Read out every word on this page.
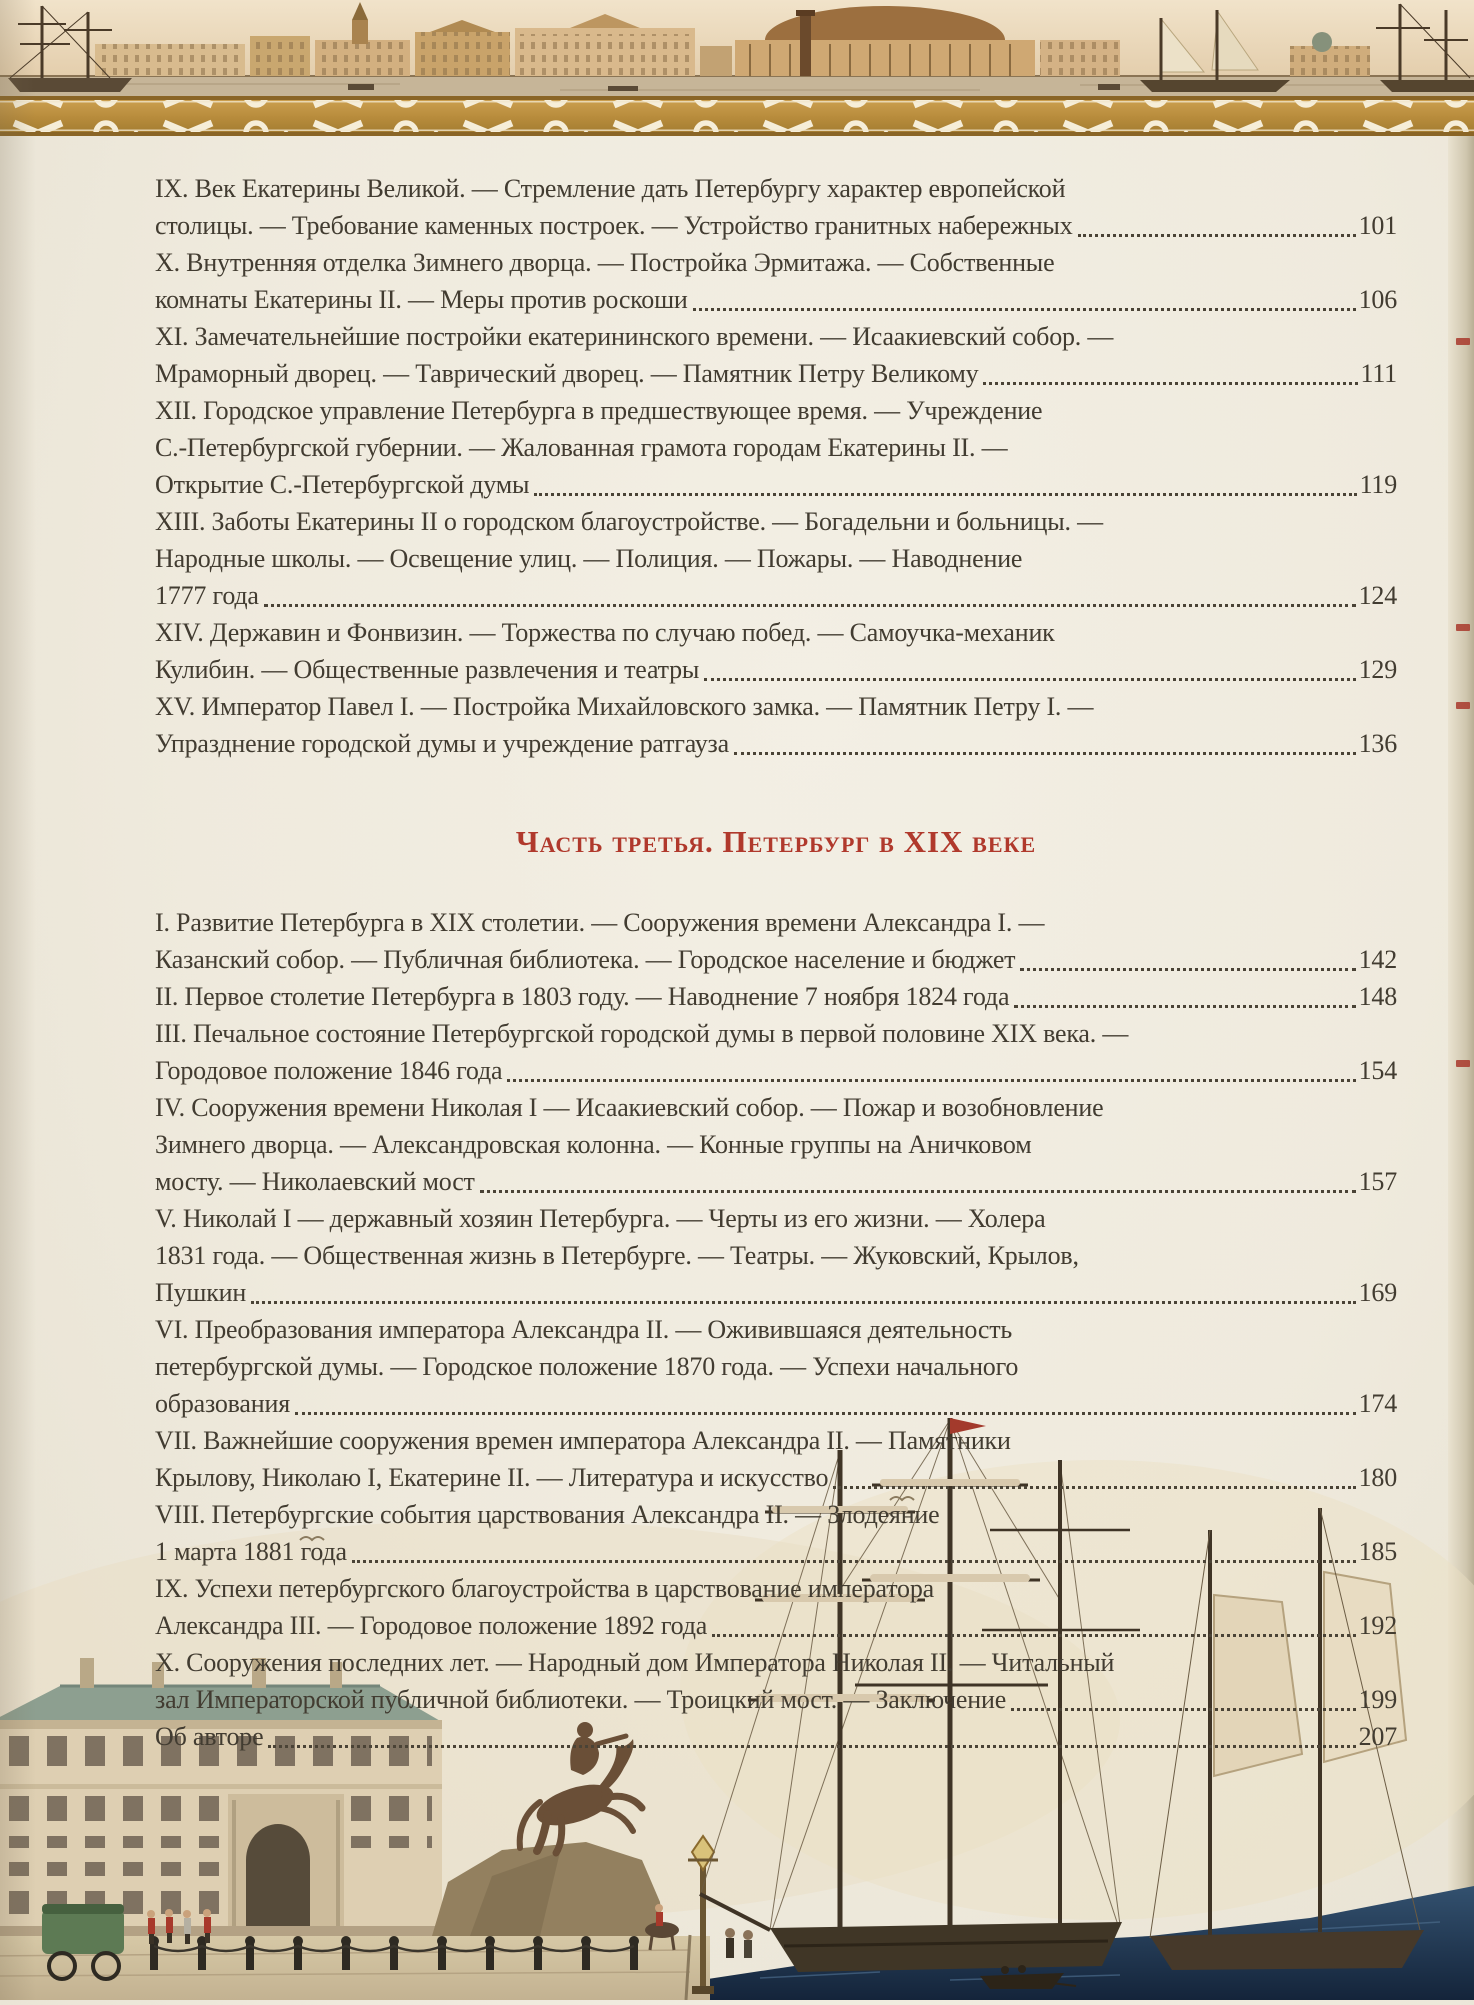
IX. Век Екатерины Великой. — Стремление дать Петербургу характер европейской
столицы. — Требование каменных построек. — Устройство гранитных набережных	101
X. Внутренняя отделка Зимнего дворца. — Постройка Эрмитажа. — Собственные
комнаты Екатерины II. — Меры против роскоши	106
XI. Замечательнейшие постройки екатерининского времени. — Исаакиевский собор. —
Мраморный дворец. — Таврический дворец. — Памятник Петру Великому	111
XII. Городское управление Петербурга в предшествующее время. — Учреждение
С.-Петербургской губернии. — Жалованная грамота городам Екатерины II. —
Открытие С.-Петербургской думы	119
XIII. Заботы Екатерины II о городском благоустройстве. — Богадельни и больницы. —
Народные школы. — Освещение улиц. — Полиция. — Пожары. — Наводнение
1777 года	124
XIV. Державин и Фонвизин. — Торжества по случаю побед. — Самоучка-механик
Кулибин. — Общественные развлечения и театры	129
XV. Император Павел I. — Постройка Михайловского замка. — Памятник Петру I. —
Упразднение городской думы и учреждение ратгауза	136
Часть третья. Петербург в XIX веке
I. Развитие Петербурга в XIX столетии. — Сооружения времени Александра I. —
Казанский собор. — Публичная библиотека. — Городское население и бюджет	142
II. Первое столетие Петербурга в 1803 году. — Наводнение 7 ноября 1824 года	148
III. Печальное состояние Петербургской городской думы в первой половине XIX века. —
Городовое положение 1846 года	154
IV. Сооружения времени Николая I — Исаакиевский собор. — Пожар и возобновление
Зимнего дворца. — Александровская колонна. — Конные группы на Аничковом
мосту. — Николаевский мост	157
V. Николай I — державный хозяин Петербурга. — Черты из его жизни. — Холера
1831 года. — Общественная жизнь в Петербурге. — Театры. — Жуковский, Крылов,
Пушкин	169
VI. Преобразования императора Александра II. — Оживившаяся деятельность
петербургской думы. — Городское положение 1870 года. — Успехи начального
образования	174
VII. Важнейшие сооружения времен императора Александра II. — Памятники
Крылову, Николаю I, Екатерине II. — Литература и искусство	180
VIII. Петербургские события царствования Александра II. — Злодеяние
1 марта 1881 года	185
IX. Успехи петербургского благоустройства в царствование императора
Александра III. — Городовое положение 1892 года	192
X. Сооружения последних лет. — Народный дом Императора Николая II. — Читальный
зал Императорской публичной библиотеки. — Троицкий мост. — Заключение	199
Об авторе	207
